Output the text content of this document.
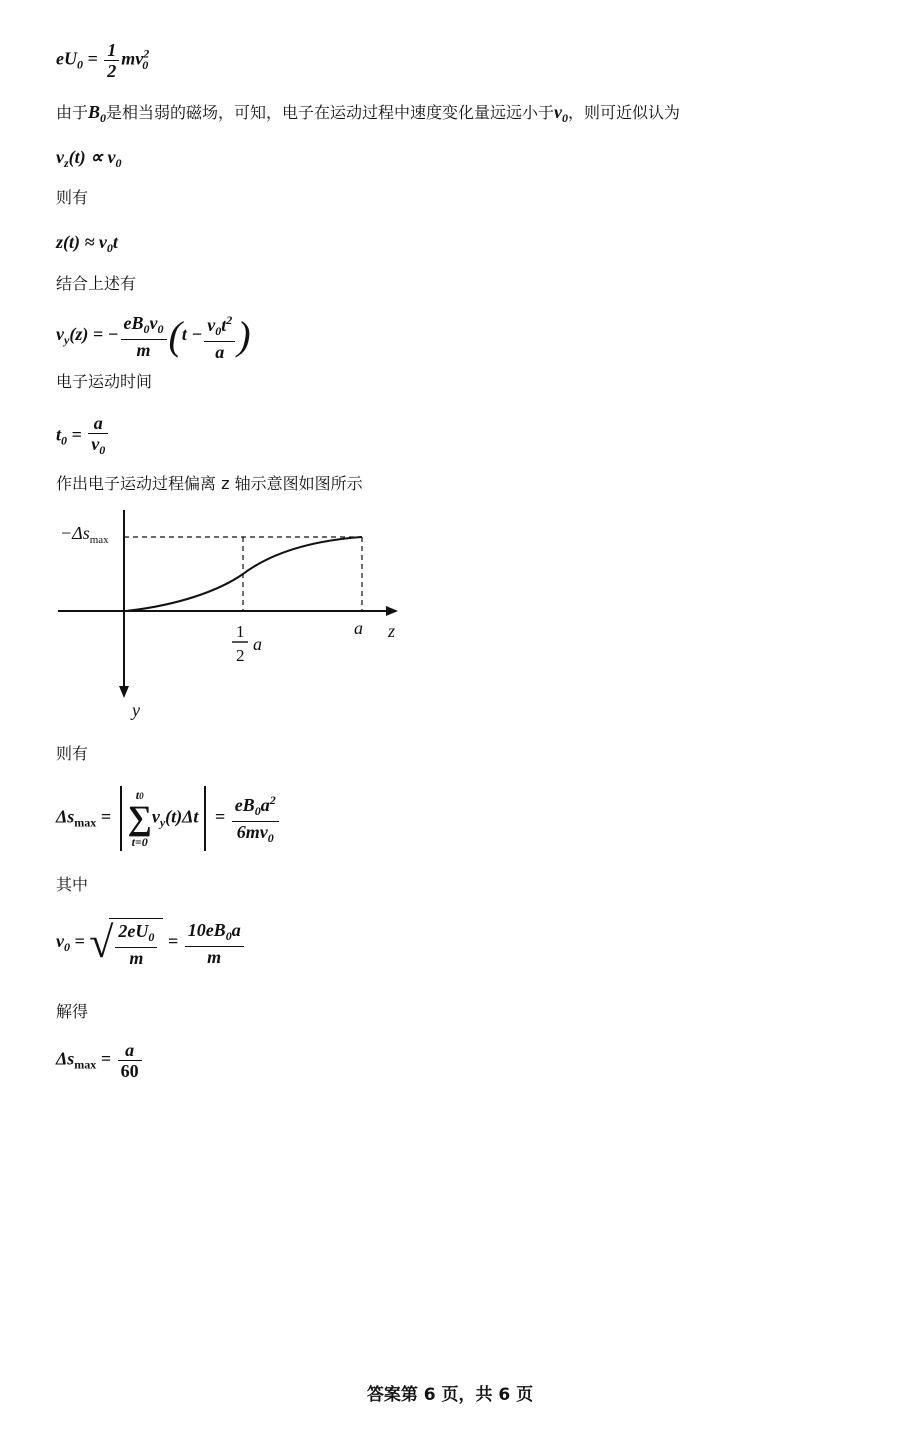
$eU_0 = \frac{1}{2} mv^2_0$
由于$B_0$是相当弱的磁场，可知，电子在运动过程中速度变化量远远小于$v_0$，则可近似认为
$v_z(t) \propto v_0$
则有
$z(t) \approx v_0t$
结合上述有
$v_y(z)$ = − $\frac{eB_0v_0}{m} (t - \frac{v_0t^2}{a}$ )
电子运动时间
$t_0 = \frac{a}{v_0}$
作出电子运动过程偏离 z 轴示意图如图所示
$-\Delta s_{max}$
1
2
a
a z
y
则有
$\Delta s_{max}$ =
t0
∑
t=0
$v_y(t)\Delta t = \frac{eB_0a^2}{6mv_0}$
其中
$v_0$ = √ $\frac{2eU_0}{m} = \frac{10eB_0a}{m}$
解得
$\Delta s_{max} = \frac{a}{60}$
答案第 6 页，共 6 页
